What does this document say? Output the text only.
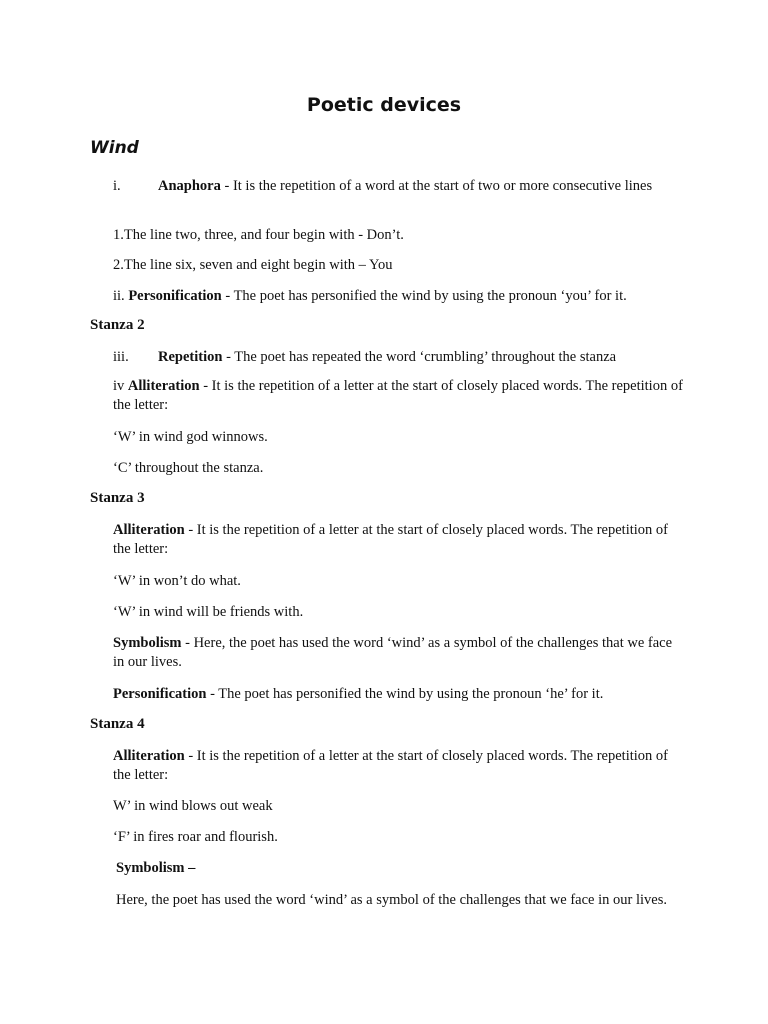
Poetic devices
Wind
i.	Anaphora - It is the repetition of a word at the start of two or more consecutive lines
1.The line two, three, and four begin with - Don’t.
2.The line six, seven and eight begin with – You
ii. Personification - The poet has personified the wind by using the pronoun ‘you’ for it.
Stanza 2
iii. Repetition - The poet has repeated the word ‘crumbling’ throughout the stanza
iv Alliteration - It is the repetition of a letter at the start of closely placed words. The repetition of the letter:
‘W’ in wind god winnows.
‘C’ throughout the stanza.
Stanza 3
Alliteration - It is the repetition of a letter at the start of closely placed words. The repetition of the letter:
‘W’ in won’t do what.
‘W’ in wind will be friends with.
Symbolism - Here, the poet has used the word ‘wind’ as a symbol of the challenges that we face in our lives.
Personification - The poet has personified the wind by using the pronoun ‘he’ for it.
Stanza 4
Alliteration - It is the repetition of a letter at the start of closely placed words. The repetition of the letter:
W’ in wind blows out weak
‘F’ in fires roar and flourish.
Symbolism –
Here, the poet has used the word ‘wind’ as a symbol of the challenges that we face in our lives.
